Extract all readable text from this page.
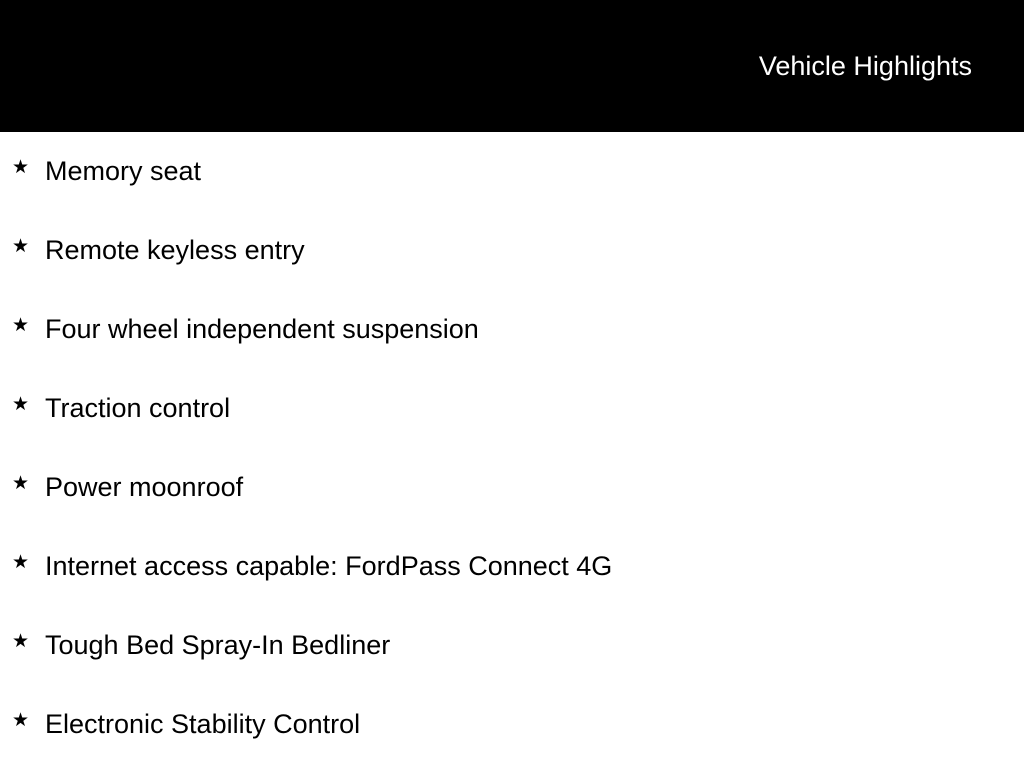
Vehicle Highlights
★ Memory seat
★ Remote keyless entry
★ Four wheel independent suspension
★ Traction control
★ Power moonroof
★ Internet access capable: FordPass Connect 4G
★ Tough Bed Spray-In Bedliner
★ Electronic Stability Control
